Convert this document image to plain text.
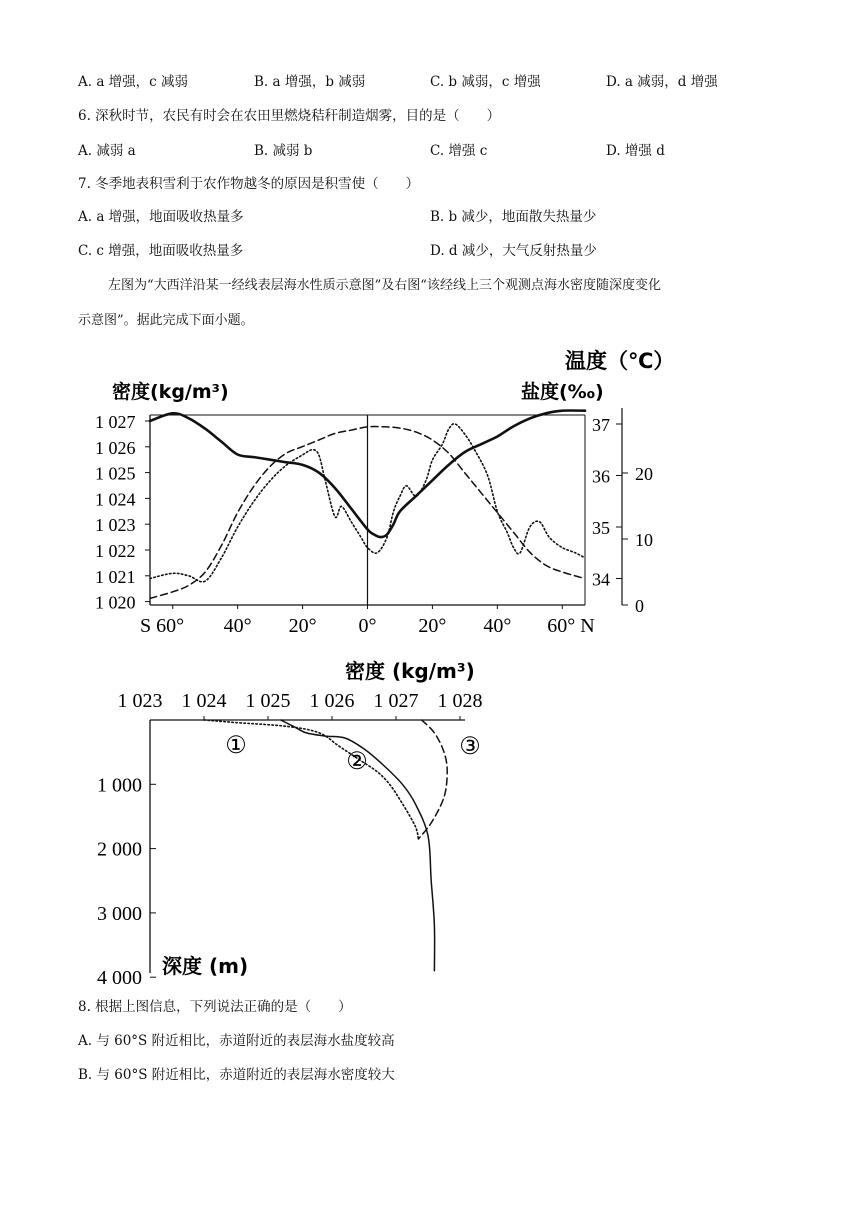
A. a 增强，c 减弱	B. a 增强，b 减弱	C. b 减弱，c 增强	D. a 减弱，d 增强
6. 深秋时节，农民有时会在农田里燃烧秸秆制造烟雾，目的是（　　）
A. 减弱 a	B. 减弱 b	C. 增强 c	D. 增强 d
7. 冬季地表积雪利于农作物越冬的原因是积雪使（　　）
A. a 增强，地面吸收热量多	B. b 减少，地面散失热量少
C. c 增强，地面吸收热量多	D. d 减少，大气反射热量少
左图为“大西洋沿某一经线表层海水性质示意图”及右图“该经线上三个观测点海水密度随深度变化
示意图”。据此完成下面小题。
1 027
1 026
1 025
1 024
1 023
1 022
1 021
1 020
37
36
35
34
20
10
0
S 60° 40° 20° 0° 20° 40° 60° N
温度（℃）
密度(kg/m³)	盐度(‰)
密度 (kg/m³)
1 023 1 024 1 025 1 026 1 027 1 028
1 000
2 000
3 000
4 000
深度 (m)
①
②
③
8. 根据上图信息，下列说法正确的是（　　）
A. 与 60°S 附近相比，赤道附近的表层海水盐度较高
B. 与 60°S 附近相比，赤道附近的表层海水密度较大
